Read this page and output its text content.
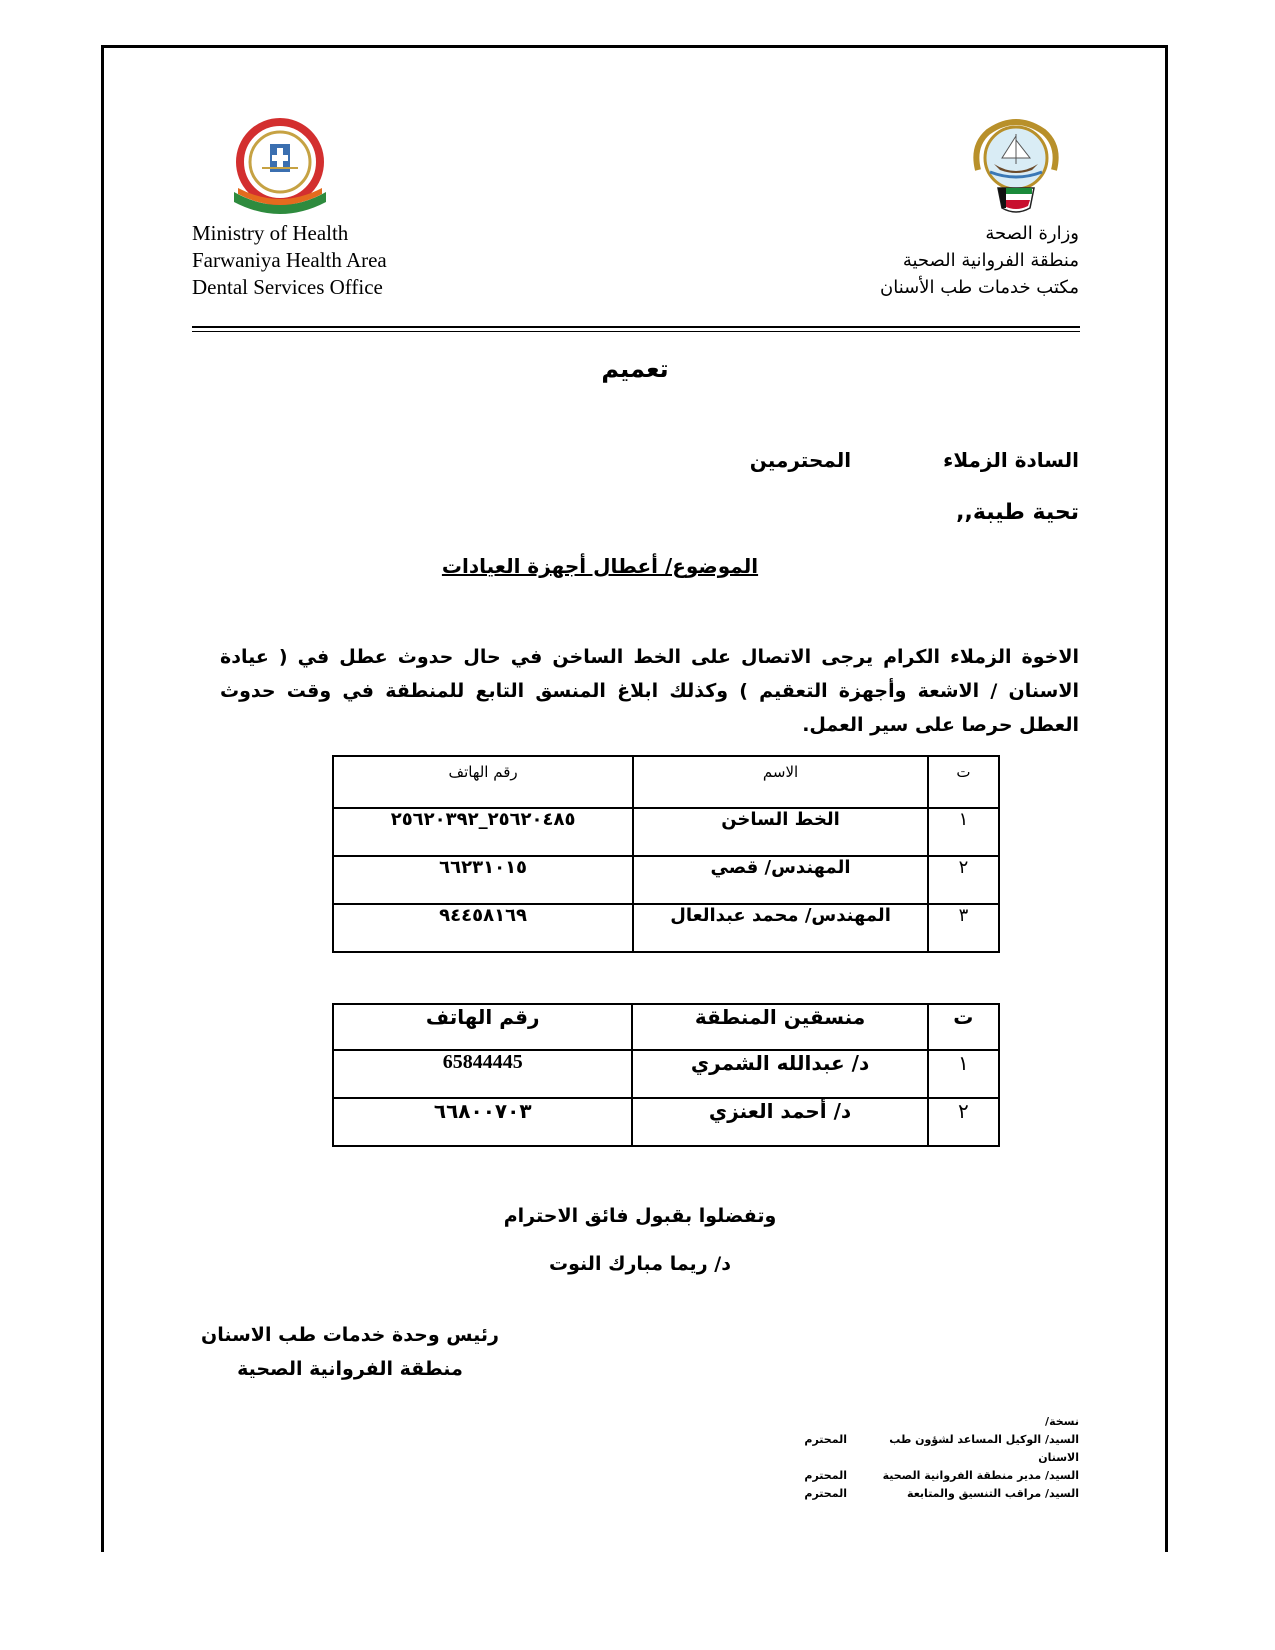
Ministry of Health
Farwaniya Health Area
Dental Services Office
وزارة الصحة
منطقة الفروانية الصحية
مكتب خدمات طب الأسنان
تعميم
السادة الزملاءالمحترمين
تحية طيبة,,
الموضوع/ أعطال أجهزة العيادات
الاخوة الزملاء الكرام يرجى الاتصال على الخط الساخن في حال حدوث عطل في ( عيادة الاسنان / الاشعة وأجهزة التعقيم ) وكذلك ابلاغ المنسق التابع للمنطقة في وقت حدوث العطل حرصا على سير العمل.
ت	الاسم	رقم الهاتف
١	الخط الساخن	٢٥٦٢٠٤٨٥_٢٥٦٢٠٣٩٢
٢	المهندس/ قصي	٦٦٢٣١٠١٥
٣	المهندس/ محمد عبدالعال	٩٤٤٥٨١٦٩
ت	منسقين المنطقة	رقم الهاتف
١	د/ عبدالله الشمري	65844445
٢	د/ أحمد العنزي	٦٦٨٠٠٧٠٣
وتفضلوا بقبول فائق الاحترام
د/ ريما مبارك النوت
رئيس وحدة خدمات طب الاسنان
منطقة الفروانية الصحية
نسخة/
السيد/ الوكيل المساعد لشؤون طب الاسنان
المحترم
السيد/ مدير منطقة الفروانية الصحية
المحترم
السيد/ مراقب التنسيق والمتابعة
المحترم
